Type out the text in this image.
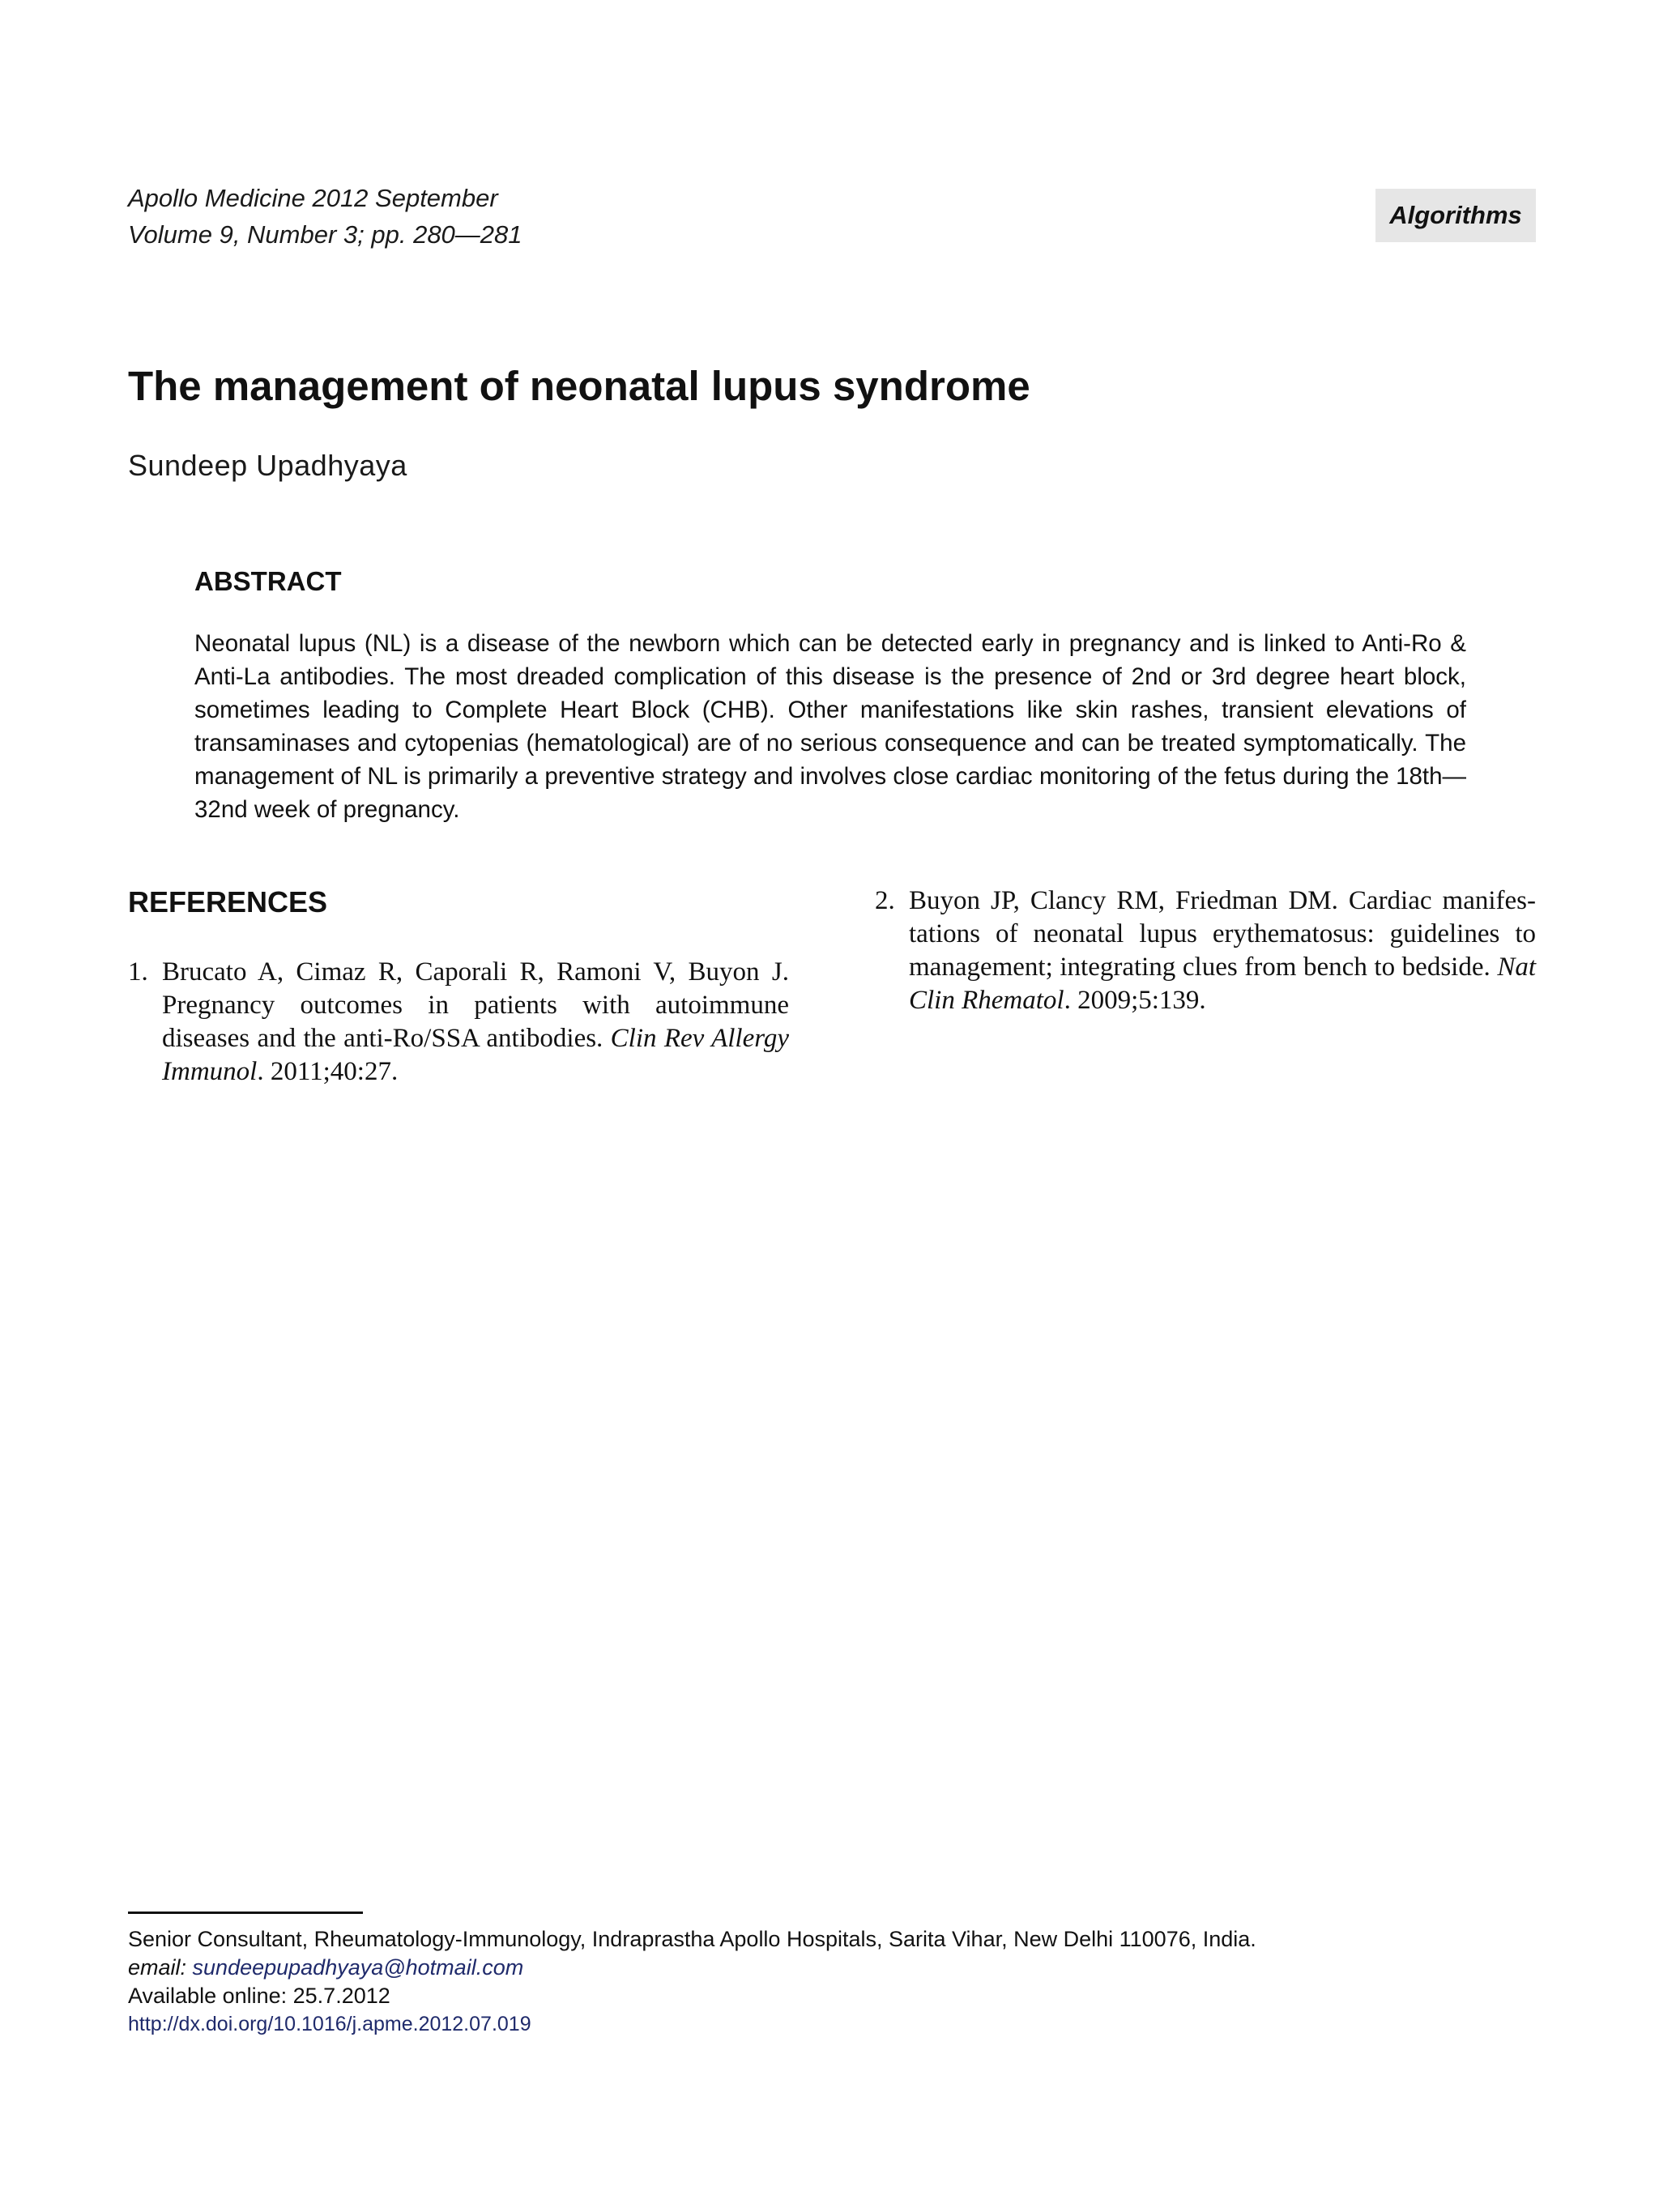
Apollo Medicine 2012 September
Volume 9, Number 3; pp. 280—281
Algorithms
The management of neonatal lupus syndrome
Sundeep Upadhyaya
ABSTRACT

Neonatal lupus (NL) is a disease of the newborn which can be detected early in pregnancy and is linked to Anti-Ro & Anti-La antibodies. The most dreaded complication of this disease is the presence of 2nd or 3rd degree heart block, sometimes leading to Complete Heart Block (CHB). Other manifestations like skin rashes, transient elevations of transaminases and cytopenias (hematological) are of no serious consequence and can be treated symptomatically. The management of NL is primarily a preventive strategy and involves close cardiac monitoring of the fetus during the 18th—32nd week of pregnancy.

REFERENCES
1. Brucato A, Cimaz R, Caporali R, Ramoni V, Buyon J. Pregnancy outcomes in patients with autoimmune diseases and the anti-Ro/SSA antibodies. Clin Rev Allergy Immunol. 2011;40:27.
2. Buyon JP, Clancy RM, Friedman DM. Cardiac manifes-tations of neonatal lupus erythematosus: guidelines to management; integrating clues from bench to bedside. Nat Clin Rhematol. 2009;5:139.
Senior Consultant, Rheumatology-Immunology, Indraprastha Apollo Hospitals, Sarita Vihar, New Delhi 110076, India.
email: sundeepupadhyaya@hotmail.com
Available online: 25.7.2012
http://dx.doi.org/10.1016/j.apme.2012.07.019
